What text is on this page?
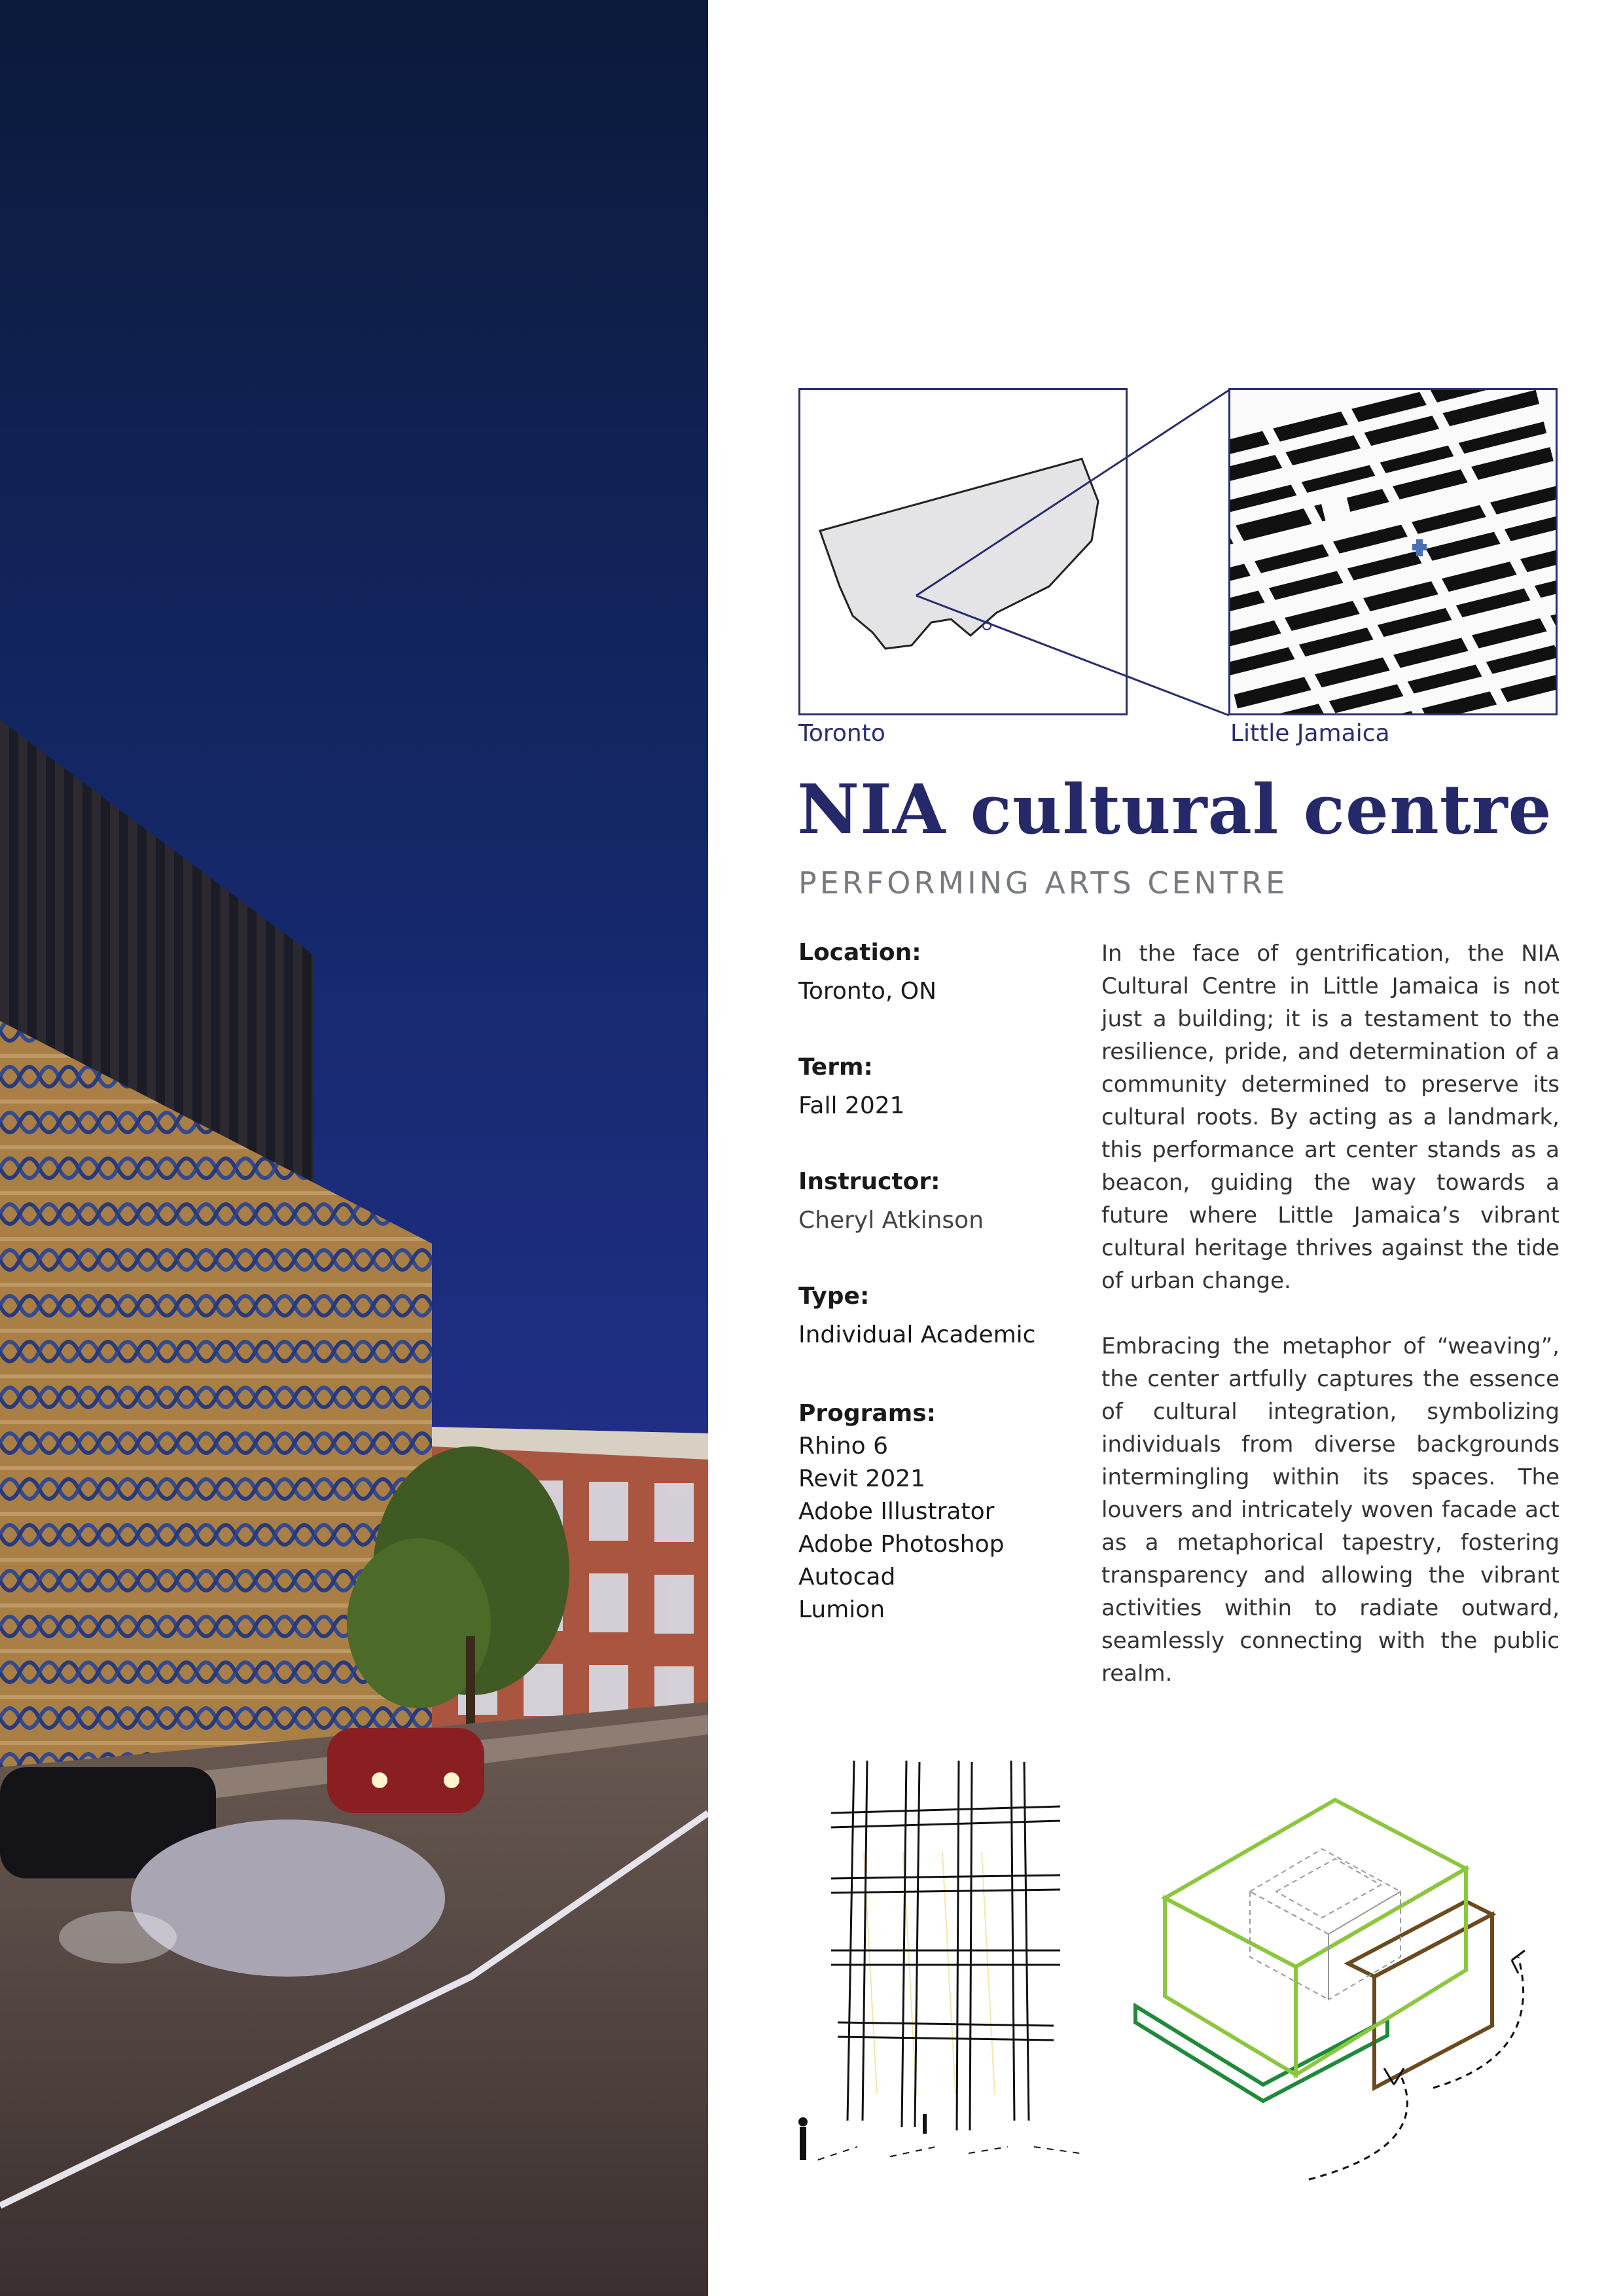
Toronto	Little Jamaica
NIA cultural centre
PERFORMING ARTS CENTRE
Location:
Toronto, ON
Term:
Fall 2021
Instructor:
Cheryl Atkinson
Type:
Individual Academic
Programs:
Rhino 6
Revit 2021
Adobe Illustrator
Adobe Photoshop
Autocad
Lumion

In the face of gentrification, the NIA Cultural Centre in Little Jamaica is not just a building; it is a testament to the resilience, pride, and determination of a community determined to preserve its cultural roots. By acting as a landmark, this performance art center stands as a beacon, guiding the way towards a future where Little Jamaica’s vibrant cultural heritage thrives against the tide of urban change.

Embracing the metaphor of “weaving”, the center artfully captures the essence of cultural integration, symbolizing individuals from diverse backgrounds intermingling within its spaces. The louvers and intricately woven facade act as a metaphorical tapestry, fostering transparency and allowing the vibrant activities within to radiate outward, seamlessly connecting with the public realm.
